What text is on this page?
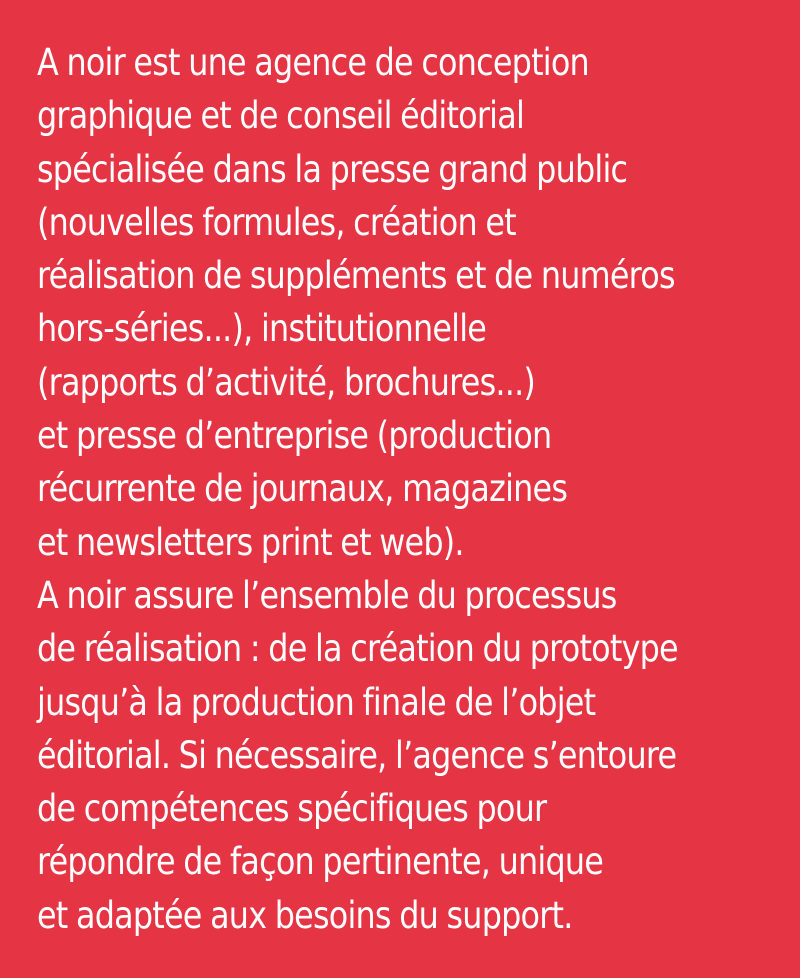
A noir est une agence de conception
graphique et de conseil éditorial
spécialisée dans la presse grand public
(nouvelles formules, création et
réalisation de suppléments et de numéros
hors-séries...), institutionnelle
(rapports d’activité, brochures...)
et presse d’entreprise (production
récurrente de journaux, magazines
et newsletters print et web).
A noir assure l’ensemble du processus
de réalisation : de la création du prototype
jusqu’à la production finale de l’objet
éditorial. Si nécessaire, l’agence s’entoure
de compétences spécifiques pour
répondre de façon pertinente, unique
et adaptée aux besoins du support.
